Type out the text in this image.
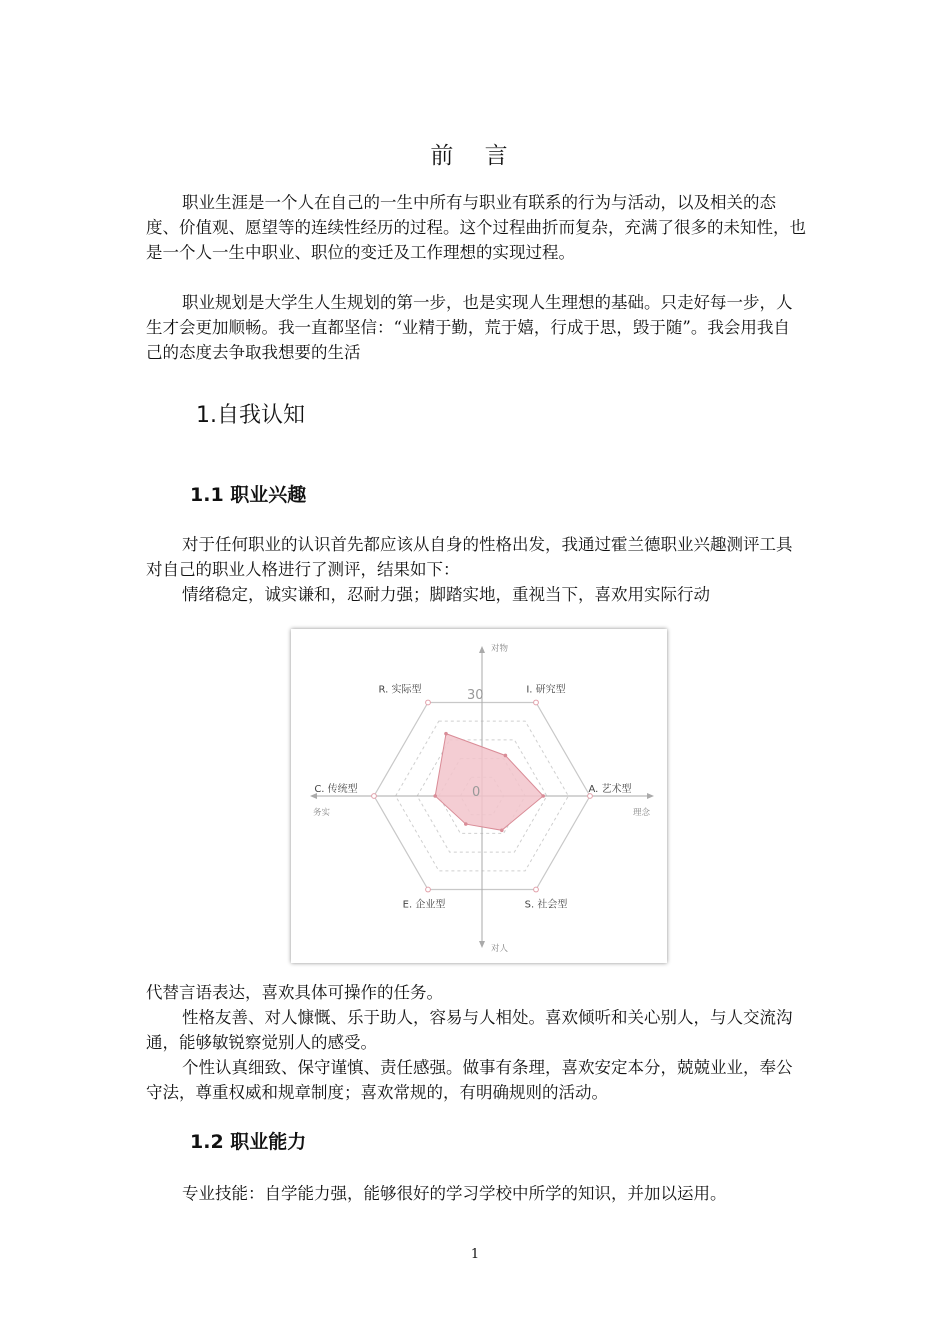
前 言

职业生涯是一个人在自己的一生中所有与职业有联系的行为与活动，以及相关的态度、价值观、愿望等的连续性经历的过程。这个过程曲折而复杂，充满了很多的未知性，也是一个人一生中职业、职位的变迁及工作理想的实现过程。

职业规划是大学生人生规划的第一步，也是实现人生理想的基础。只走好每一步，人生才会更加顺畅。我一直都坚信：“业精于勤，荒于嬉，行成于思，毁于随”。我会用我自己的态度去争取我想要的生活

1.自我认知
1.1 职业兴趣

对于任何职业的认识首先都应该从自身的性格出发，我通过霍兰德职业兴趣测评工具对自己的职业人格进行了测评，结果如下：

情绪稳定，诚实谦和，忍耐力强；脚踏实地，重视当下，喜欢用实际行动

对物
对人
务实	理念
0
30
R. 实际型	I. 研究型
A. 艺术型
S. 社会型
E. 企业型
C. 传统型

代替言语表达，喜欢具体可操作的任务。

性格友善、对人慷慨、乐于助人，容易与人相处。喜欢倾听和关心别人，与人交流沟通，能够敏锐察觉别人的感受。

个性认真细致、保守谨慎、责任感强。做事有条理，喜欢安定本分，兢兢业业，奉公守法，尊重权威和规章制度；喜欢常规的，有明确规则的活动。

1.2 职业能力

专业技能：自学能力强，能够很好的学习学校中所学的知识，并加以运用。

1
